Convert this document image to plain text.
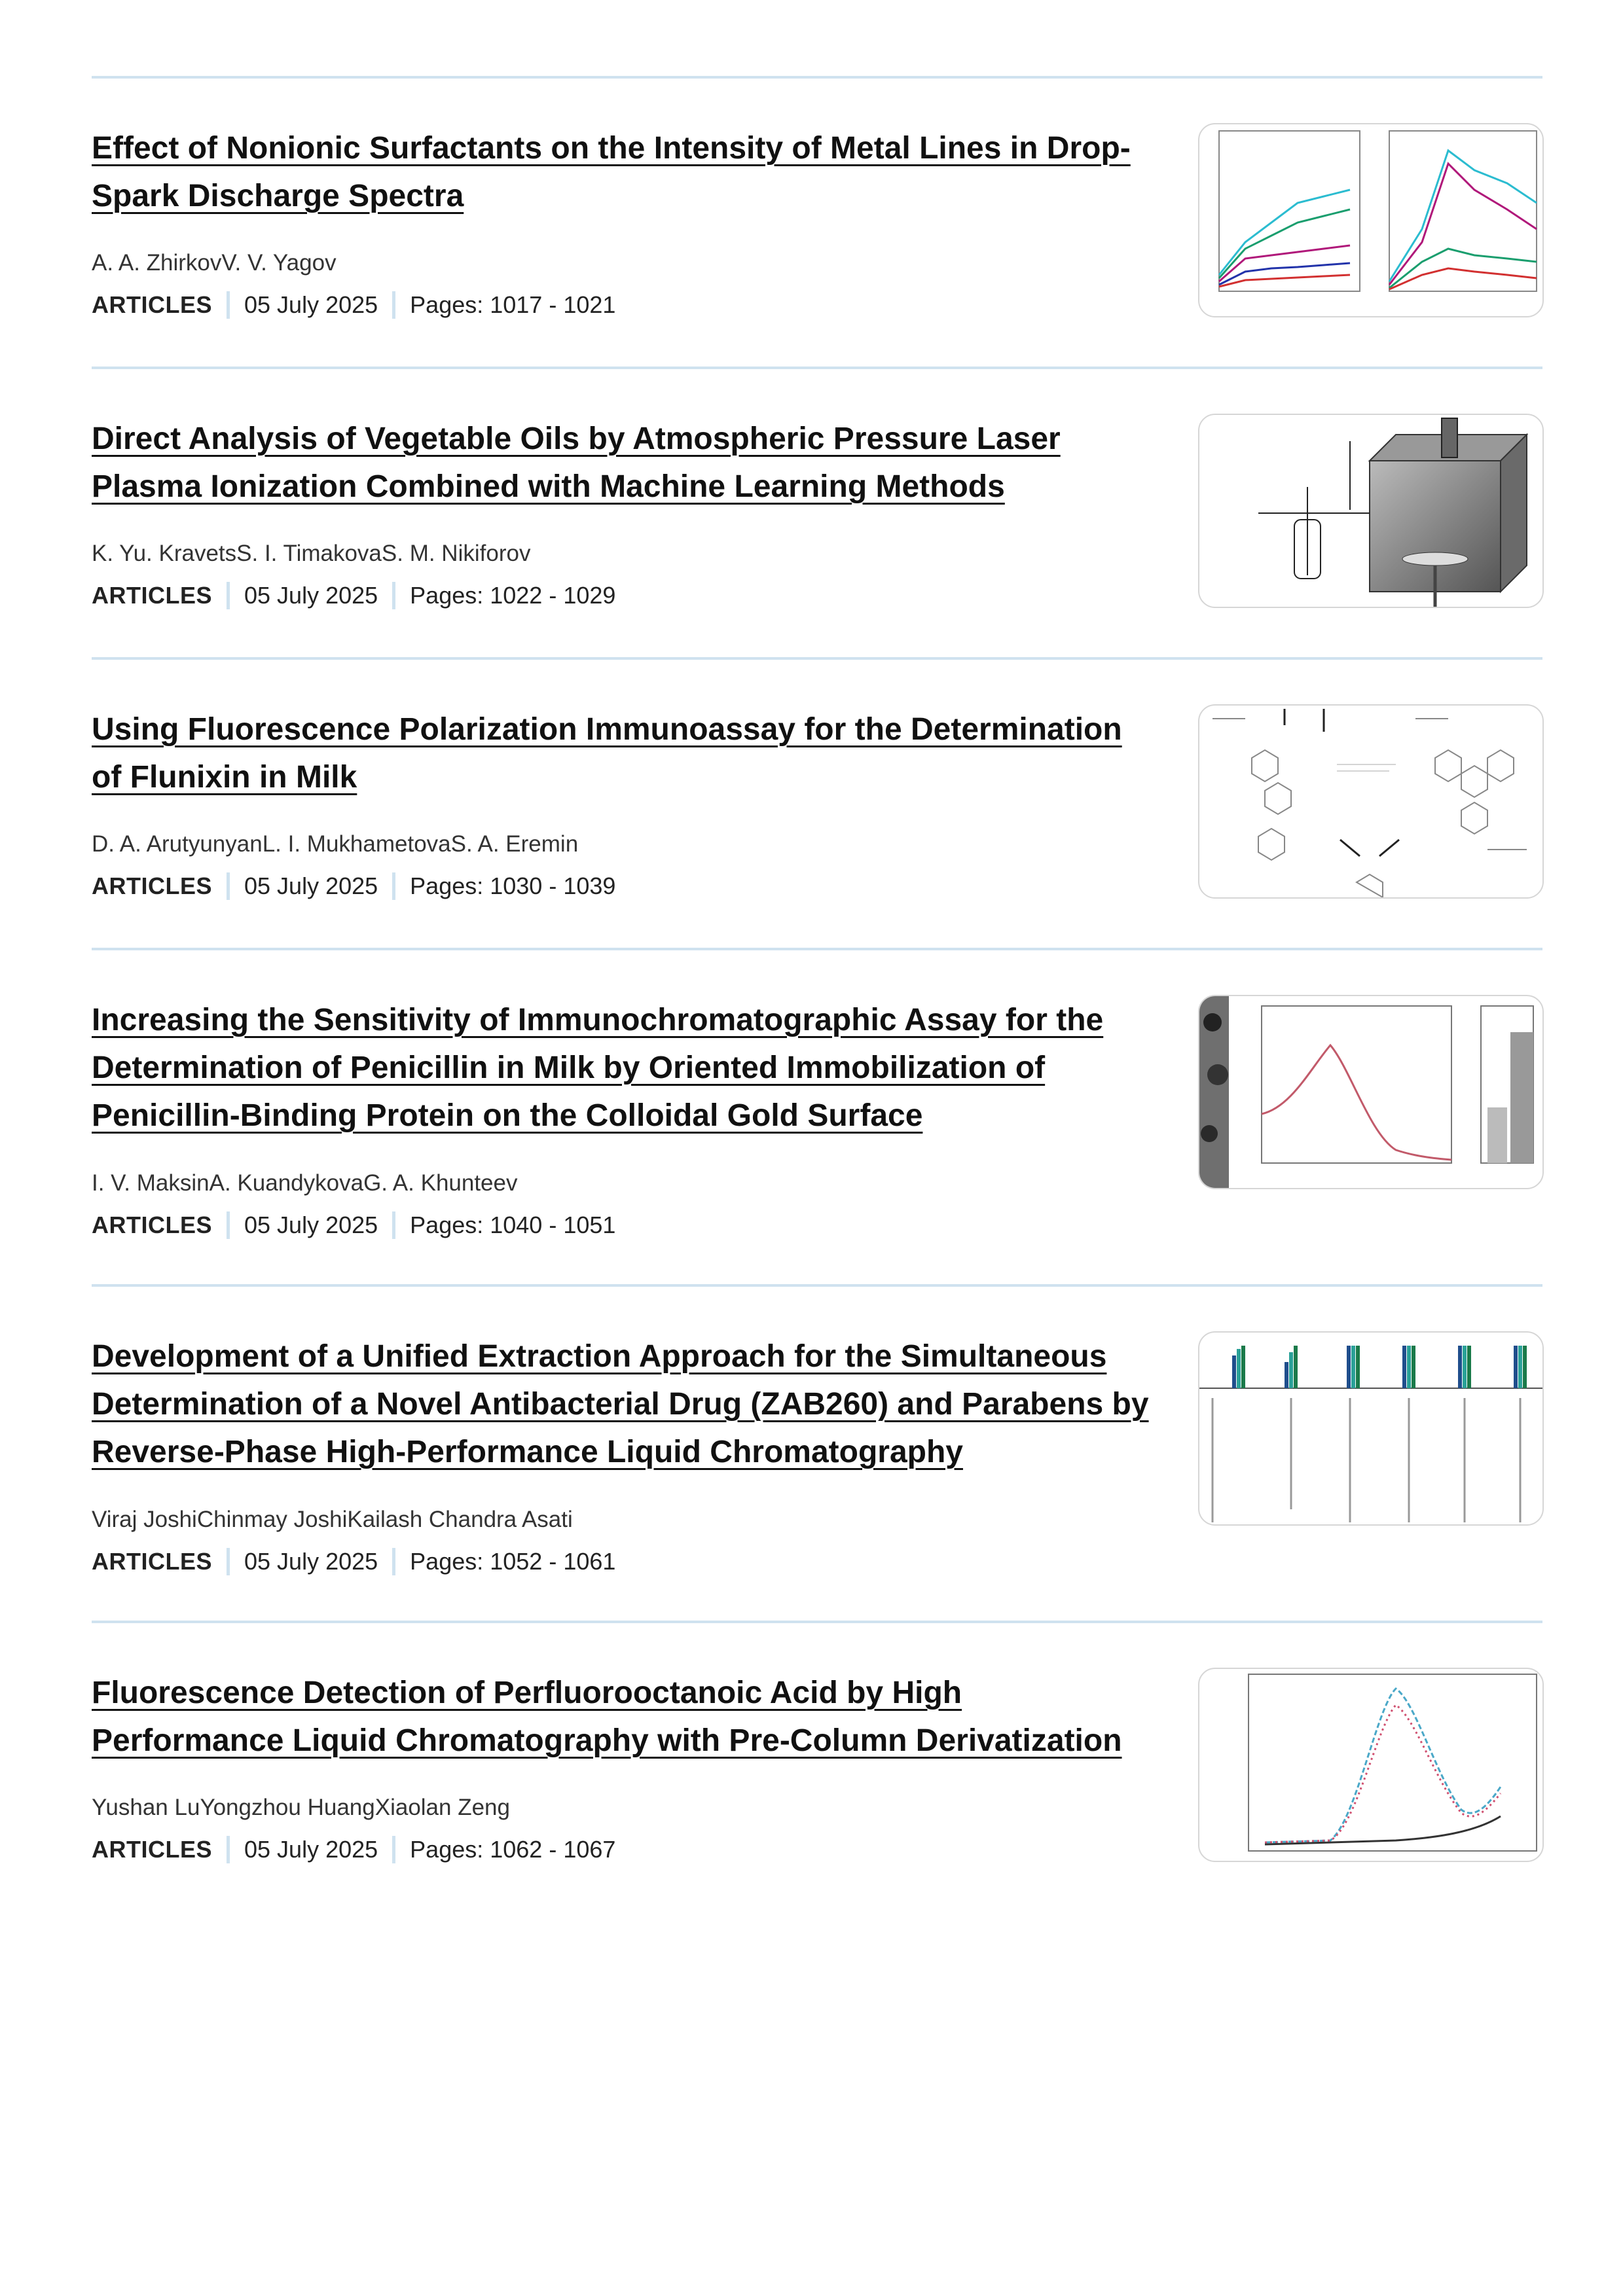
Effect of Nonionic Surfactants on the Intensity of Metal Lines in Drop-Spark Discharge Spectra
A. A. ZhirkovV. V. Yagov
ARTICLES 05 July 2025 Pages: 1017 - 1021
Direct Analysis of Vegetable Oils by Atmospheric Pressure Laser Plasma Ionization Combined with Machine Learning Methods
K. Yu. KravetsS. I. TimakovaS. M. Nikiforov
ARTICLES 05 July 2025 Pages: 1022 - 1029
Using Fluorescence Polarization Immunoassay for the Determination of Flunixin in Milk
D. A. ArutyunyanL. I. MukhametovaS. A. Eremin
ARTICLES 05 July 2025 Pages: 1030 - 1039
Increasing the Sensitivity of Immunochromatographic Assay for the Determination of Penicillin in Milk by Oriented Immobilization of Penicillin-Binding Protein on the Colloidal Gold Surface
I. V. MaksinA. KuandykovaG. A. Khunteev
ARTICLES 05 July 2025 Pages: 1040 - 1051
Development of a Unified Extraction Approach for the Simultaneous Determination of a Novel Antibacterial Drug (ZAB260) and Parabens by Reverse-Phase High-Performance Liquid Chromatography
Viraj JoshiChinmay JoshiKailash Chandra Asati
ARTICLES 05 July 2025 Pages: 1052 - 1061
Fluorescence Detection of Perfluorooctanoic Acid by High Performance Liquid Chromatography with Pre-Column Derivatization
Yushan LuYongzhou HuangXiaolan Zeng
ARTICLES 05 July 2025 Pages: 1062 - 1067
